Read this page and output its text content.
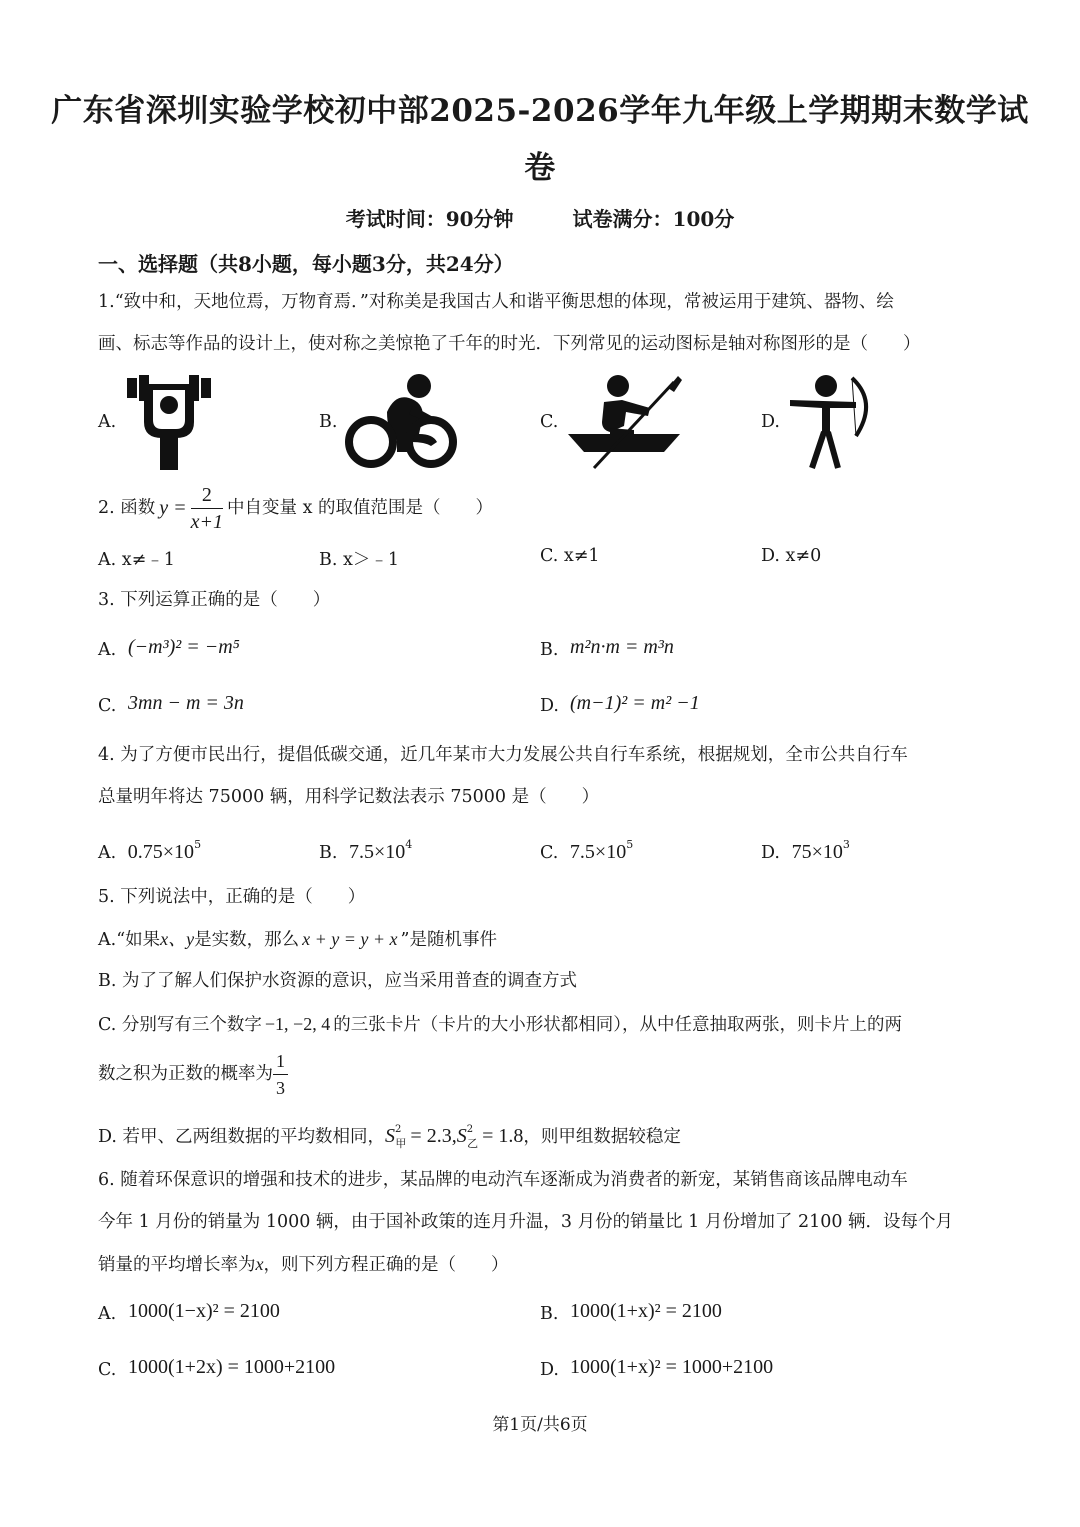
广东省深圳实验学校初中部2025-2026学年九年级上学期期末数学试
卷
考试时间：90分钟	试卷满分：100分
一、选择题（共8小题，每小题3分，共24分）
1.“致中和，天地位焉，万物育焉．”对称美是我国古人和谐平衡思想的体现，常被运用于建筑、器物、绘
画、标志等作品的设计上，使对称之美惊艳了千年的时光．下列常见的运动图标是轴对称图形的是（　　）
A.	B.	C.	D.
2. 函数 $y = \frac{2}{x+1}$ 中自变量 x 的取值范围是（　　）
A. x≠﹣1	B. x＞﹣1	C. x≠1	D. x≠0
3. 下列运算正确的是（　　）
A. (−m³)² = −m⁵	B. m²n·m = m³n
C. 3mn − m = 3n	D. (m−1)² = m² −1
4. 为了方便市民出行，提倡低碳交通，近几年某市大力发展公共自行车系统，根据规划，全市公共自行车
总量明年将达 75000 辆，用科学记数法表示 75000 是（　　）
A. $0.75\times 10^5$	B. $7.5\times 10^4$	C. $7.5\times 10^5$	D. $75\times 10^3$
5. 下列说法中，正确的是（　　）
A.“如果x、y是实数，那么 x + y = y + x ”是随机事件
B. 为了了解人们保护水资源的意识，应当采用普查的调查方式
C. 分别写有三个数字 −1, −2, 4 的三张卡片（卡片的大小形状都相同），从中任意抽取两张，则卡片上的两
数之积为正数的概率为 $\frac{1}{3}$
D. 若甲、乙两组数据的平均数相同，$S^2_甲 = 2.3,S^2_乙 = 1.8$，则甲组数据较稳定
6. 随着环保意识的增强和技术的进步，某品牌的电动汽车逐渐成为消费者的新宠，某销售商该品牌电动车
今年 1 月份的销量为 1000 辆，由于国补政策的连月升温，3 月份的销量比 1 月份增加了 2100 辆．设每个月
销量的平均增长率为x，则下列方程正确的是（　　）
A. 1000(1−x)² = 2100	B. 1000(1+x)² = 2100
C. 1000(1+2x) = 1000+2100	D. 1000(1+x)² = 1000+2100
第1页/共6页
